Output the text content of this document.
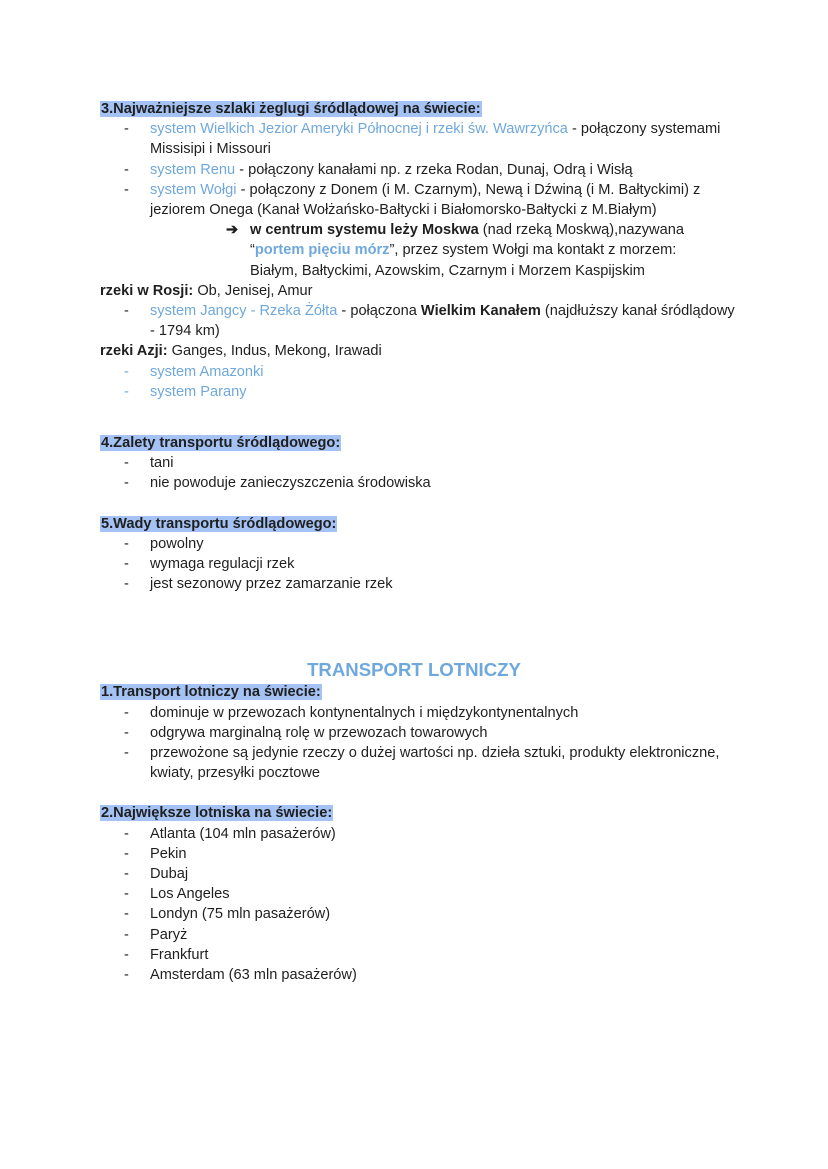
3.Najważniejsze szlaki żeglugi śródlądowej na świecie:
- system Wielkich Jezior Ameryki Północnej i rzeki św. Wawrzyńca - połączony systemami Missisipi i Missouri
- system Renu - połączony kanałami np. z rzeka Rodan, Dunaj, Odrą i Wisłą
- system Wołgi - połączony z Donem (i M. Czarnym), Newą i Dźwiną (i M. Bałtyckimi) z jeziorem Onega (Kanał Wołżańsko-Bałtycki i Białomorsko-Bałtycki z M.Białym)
➔ w centrum systemu leży Moskwa (nad rzeką Moskwą),nazywana
“portem pięciu mórz”, przez system Wołgi ma kontakt z morzem:
Białym, Bałtyckimi, Azowskim, Czarnym i Morzem Kaspijskim
rzeki w Rosji: Ob, Jenisej, Amur
- system Jangcy - Rzeka Żółta - połączona Wielkim Kanałem (najdłuższy kanał śródlądowy - 1794 km)
rzeki Azji: Ganges, Indus, Mekong, Irawadi
- system Amazonki
- system Parany
4.Zalety transportu śródlądowego:
- tani
- nie powoduje zanieczyszczenia środowiska
5.Wady transportu śródlądowego:
- powolny
- wymaga regulacji rzek
- jest sezonowy przez zamarzanie rzek
TRANSPORT LOTNICZY
1.Transport lotniczy na świecie:
- dominuje w przewozach kontynentalnych i międzykontynentalnych
- odgrywa marginalną rolę w przewozach towarowych
- przewożone są jedynie rzeczy o dużej wartości np. dzieła sztuki, produkty elektroniczne, kwiaty, przesyłki pocztowe
2.Największe lotniska na świecie:
- Atlanta (104 mln pasażerów)
- Pekin
- Dubaj
- Los Angeles
- Londyn (75 mln pasażerów)
- Paryż
- Frankfurt
- Amsterdam (63 mln pasażerów)
